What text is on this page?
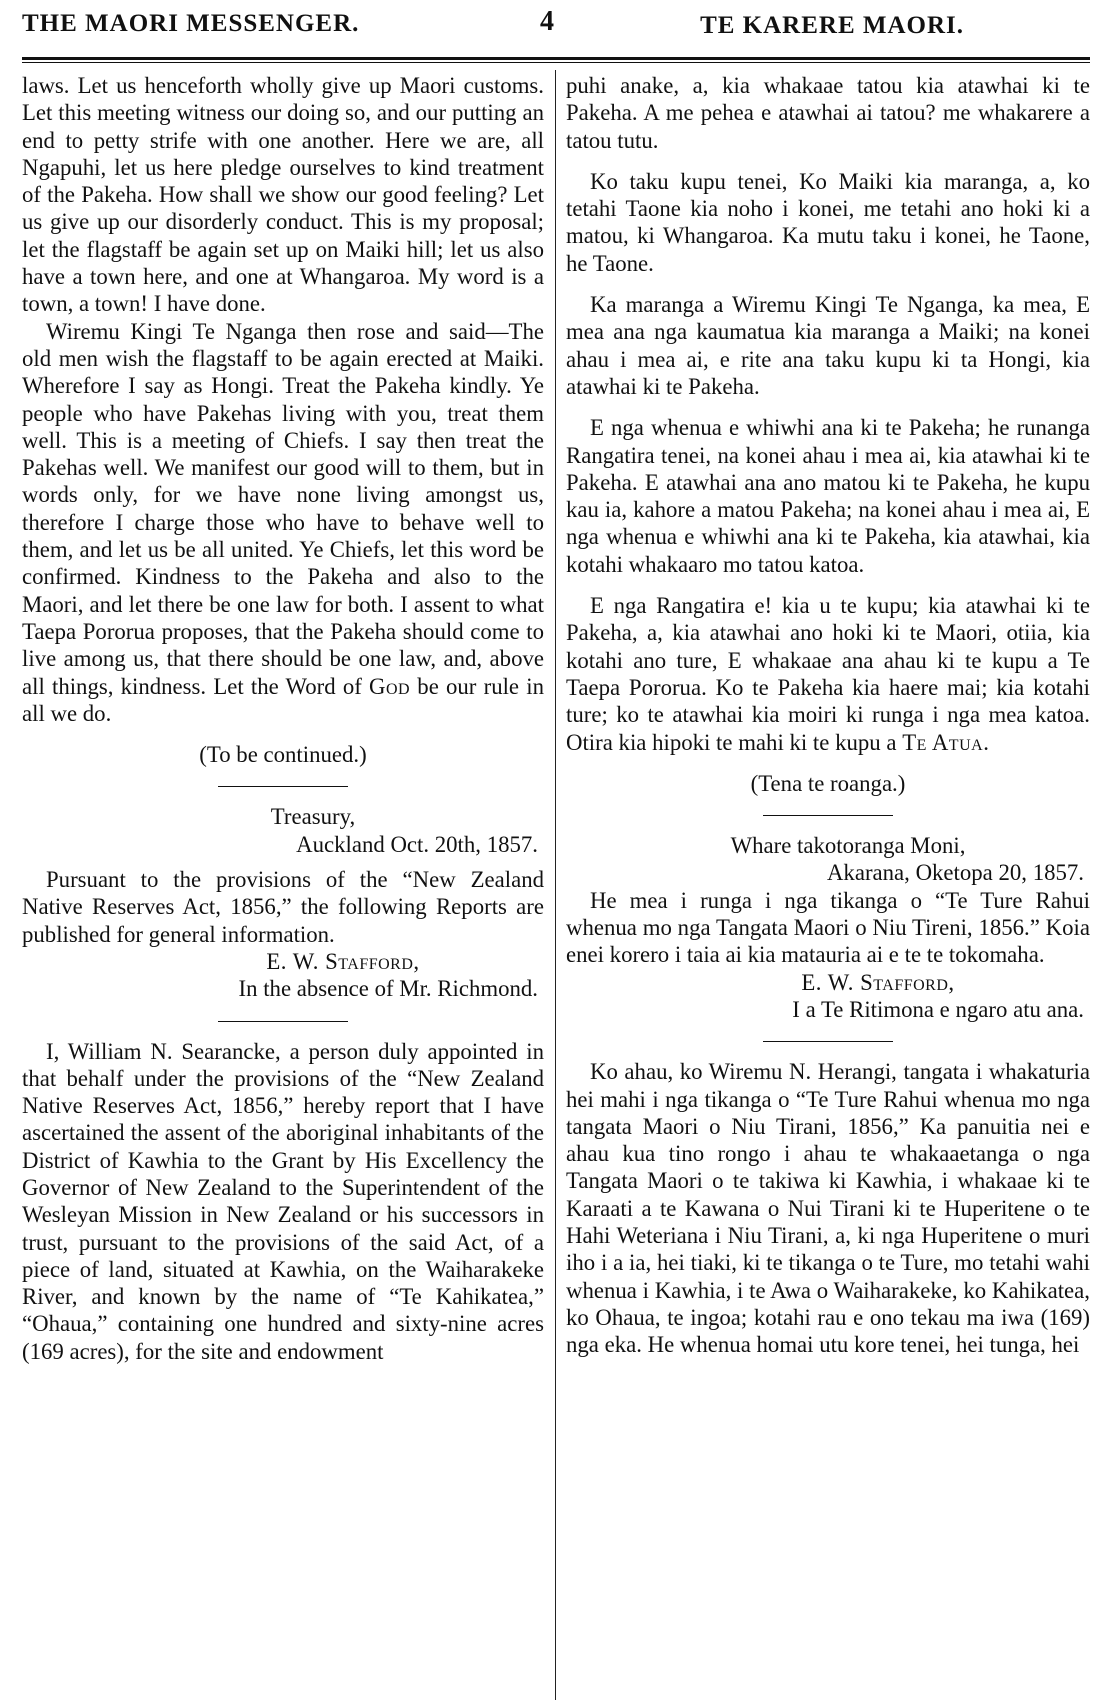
THE MAORI MESSENGER.	4	TE KARERE MAORI.

laws. Let us henceforth wholly give up Maori customs. Let this meeting witness our doing so, and our putting an end to petty strife with one another. Here we are, all Ngapuhi, let us here pledge ourselves to kind treatment of the Pakeha. How shall we show our good feeling? Let us give up our disorderly conduct. This is my proposal; let the flagstaff be again set up on Maiki hill; let us also have a town here, and one at Whangaroa. My word is a town, a town! I have done.

Wiremu Kingi Te Nganga then rose and said—The old men wish the flagstaff to be again erected at Maiki. Wherefore I say as Hongi. Treat the Pakeha kindly. Ye people who have Pakehas living with you, treat them well. This is a meeting of Chiefs. I say then treat the Pakehas well. We manifest our good will to them, but in words only, for we have none living amongst us, therefore I charge those who have to behave well to them, and let us be all united. Ye Chiefs, let this word be confirmed. Kindness to the Pakeha and also to the Maori, and let there be one law for both. I assent to what Taepa Pororua proposes, that the Pakeha should come to live among us, that there should be one law, and, above all things, kindness. Let the Word of God be our rule in all we do.

(To be continued.)

Treasury,

Auckland Oct. 20th, 1857.

Pursuant to the provisions of the “New Zealand Native Reserves Act, 1856,” the following Reports are published for general information.

E. W. Stafford,

In the absence of Mr. Richmond.

I, William N. Searancke, a person duly appointed in that behalf under the provisions of the “New Zealand Native Reserves Act, 1856,” hereby report that I have ascertained the assent of the aboriginal inhabitants of the District of Kawhia to the Grant by His Excellency the Governor of New Zealand to the Superintendent of the Wesleyan Mission in New Zealand or his successors in trust, pursuant to the provisions of the said Act, of a piece of land, situated at Kawhia, on the Waiharakeke River, and known by the name of “Te Kahikatea,” “Ohaua,” containing one hundred and sixty-nine acres (169 acres), for the site and endowment

puhi anake, a, kia whakaae tatou kia atawhai ki te Pakeha. A me pehea e atawhai ai tatou? me whakarere a tatou tutu.

Ko taku kupu tenei, Ko Maiki kia maranga, a, ko tetahi Taone kia noho i konei, me tetahi ano hoki ki a matou, ki Whangaroa. Ka mutu taku i konei, he Taone, he Taone.

Ka maranga a Wiremu Kingi Te Nganga, ka mea, E mea ana nga kaumatua kia maranga a Maiki; na konei ahau i mea ai, e rite ana taku kupu ki ta Hongi, kia atawhai ki te Pakeha.

E nga whenua e whiwhi ana ki te Pakeha; he runanga Rangatira tenei, na konei ahau i mea ai, kia atawhai ki te Pakeha. E atawhai ana ano matou ki te Pakeha, he kupu kau ia, kahore a matou Pakeha; na konei ahau i mea ai, E nga whenua e whiwhi ana ki te Pakeha, kia atawhai, kia kotahi whakaaro mo tatou katoa.

E nga Rangatira e! kia u te kupu; kia atawhai ki te Pakeha, a, kia atawhai ano hoki ki te Maori, otiia, kia kotahi ano ture, E whakaae ana ahau ki te kupu a Te Taepa Pororua. Ko te Pakeha kia haere mai; kia kotahi ture; ko te atawhai kia moiri ki runga i nga mea katoa. Otira kia hipoki te mahi ki te kupu a Te Atua.

(Tena te roanga.)

Whare takotoranga Moni,

Akarana, Oketopa 20, 1857.

He mea i runga i nga tikanga o “Te Ture Rahui whenua mo nga Tangata Maori o Niu Tireni, 1856.” Koia enei korero i taia ai kia matauria ai e te te tokomaha.

E. W. Stafford,

I a Te Ritimona e ngaro atu ana.

Ko ahau, ko Wiremu N. Herangi, tangata i whakaturia hei mahi i nga tikanga o “Te Ture Rahui whenua mo nga tangata Maori o Niu Tirani, 1856,” Ka panuitia nei e ahau kua tino rongo i ahau te whakaaetanga o nga Tangata Maori o te takiwa ki Kawhia, i whakaae ki te Karaati a te Kawana o Nui Tirani ki te Huperitene o te Hahi Weteriana i Niu Tirani, a, ki nga Huperitene o muri iho i a ia, hei tiaki, ki te tikanga o te Ture, mo tetahi wahi whenua i Kawhia, i te Awa o Waiharakeke, ko Kahikatea, ko Ohaua, te ingoa; kotahi rau e ono tekau ma iwa (169) nga eka. He whenua homai utu kore tenei, hei tunga, hei
